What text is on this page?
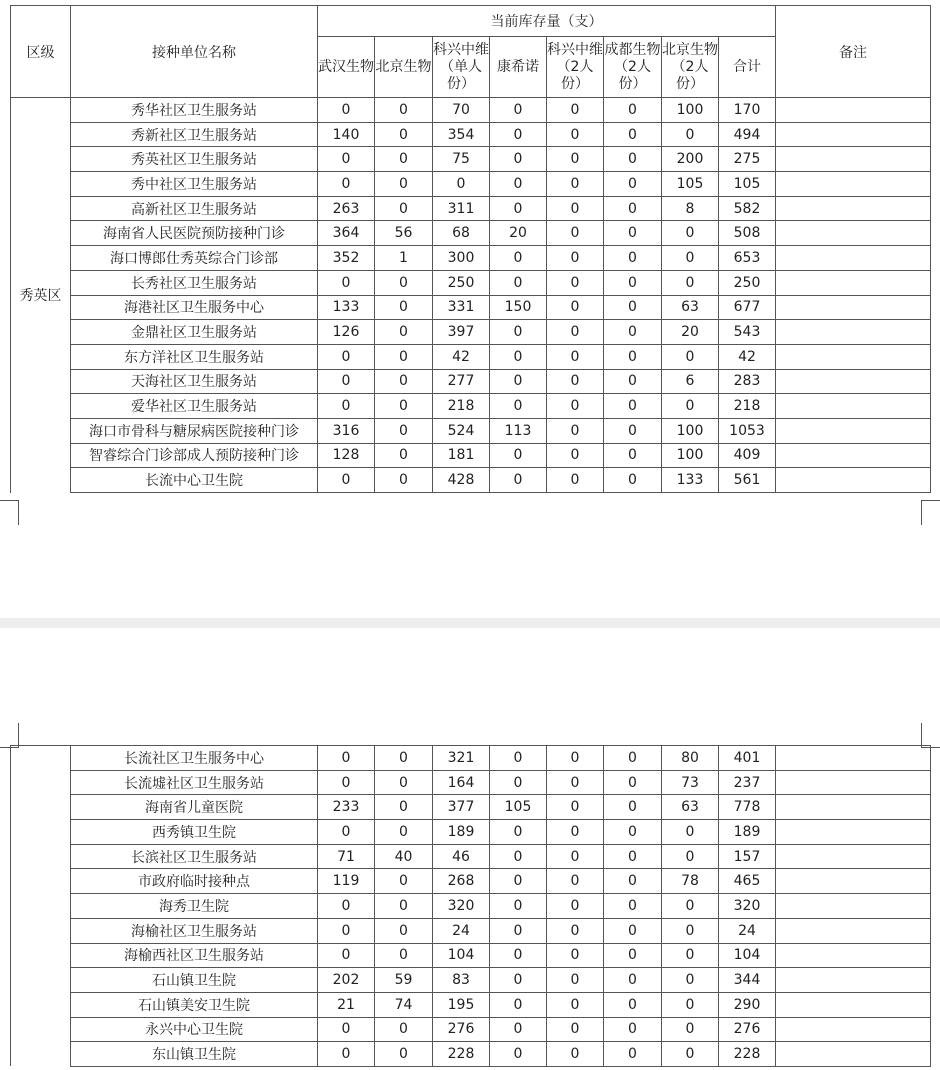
区级	接种单位名称	当前库存量（支）								备注
		武汉生物	北京生物	科兴中维（单人份）	康希诺	科兴中维（2人份）	成都生物（2人份）	北京生物（2人份）	合计	
秀英区	秀华社区卫生服务站	0	0	70	0	0	0	100	170	
	秀新社区卫生服务站	140	0	354	0	0	0	0	494	
	秀英社区卫生服务站	0	0	75	0	0	0	200	275	
	秀中社区卫生服务站	0	0	0	0	0	0	105	105	
	高新社区卫生服务站	263	0	311	0	0	0	8	582	
	海南省人民医院预防接种门诊	364	56	68	20	0	0	0	508	
	海口博郎仕秀英综合门诊部	352	1	300	0	0	0	0	653	
	长秀社区卫生服务站	0	0	250	0	0	0	0	250	
	海港社区卫生服务中心	133	0	331	150	0	0	63	677	
	金鼎社区卫生服务站	126	0	397	0	0	0	20	543	
	东方洋社区卫生服务站	0	0	42	0	0	0	0	42	
	天海社区卫生服务站	0	0	277	0	0	0	6	283	
	爱华社区卫生服务站	0	0	218	0	0	0	0	218	
	海口市骨科与糖尿病医院接种门诊	316	0	524	113	0	0	100	1053	
	智睿综合门诊部成人预防接种门诊	128	0	181	0	0	0	100	409	
	长流中心卫生院	0	0	428	0	0	0	133	561	
	长流社区卫生服务中心	0	0	321	0	0	0	80	401	
	长流墟社区卫生服务站	0	0	164	0	0	0	73	237	
	海南省儿童医院	233	0	377	105	0	0	63	778	
	西秀镇卫生院	0	0	189	0	0	0	0	189	
	长滨社区卫生服务站	71	40	46	0	0	0	0	157	
	市政府临时接种点	119	0	268	0	0	0	78	465	
	海秀卫生院	0	0	320	0	0	0	0	320	
	海榆社区卫生服务站	0	0	24	0	0	0	0	24	
	海榆西社区卫生服务站	0	0	104	0	0	0	0	104	
	石山镇卫生院	202	59	83	0	0	0	0	344	
	石山镇美安卫生院	21	74	195	0	0	0	0	290	
	永兴中心卫生院	0	0	276	0	0	0	0	276	
	东山镇卫生院	0	0	228	0	0	0	0	228	
